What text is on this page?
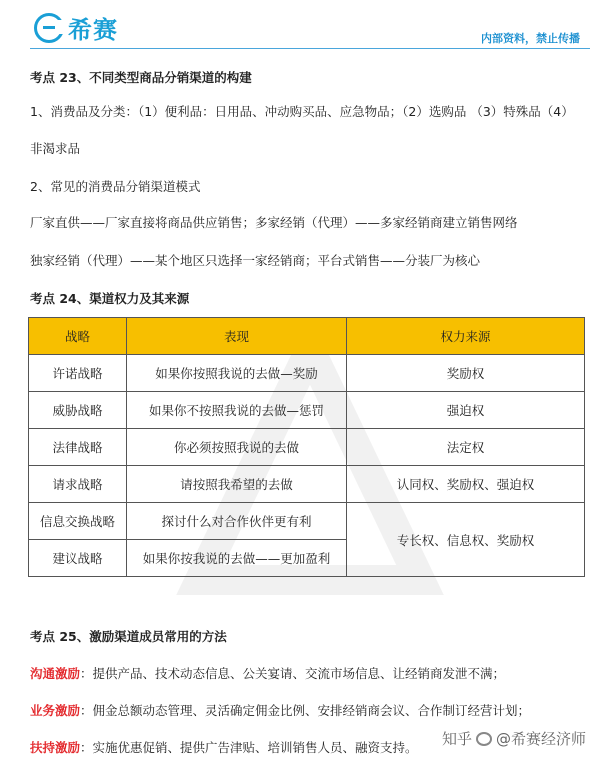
希赛	内部资料，禁止传播
考点 23、不同类型商品分销渠道的构建
1、消费品及分类：（1）便利品：日用品、冲动购买品、应急物品；（2）选购品 （3）特殊品（4）
非渴求品
2、常见的消费品分销渠道模式
厂家直供——厂家直接将商品供应销售；多家经销（代理）——多家经销商建立销售网络
独家经销（代理）——某个地区只选择一家经销商；平台式销售——分装厂为核心
考点 24、渠道权力及其来源
战略	表现	权力来源
许诺战略	如果你按照我说的去做—奖励	奖励权
威胁战略	如果你不按照我说的去做—惩罚	强迫权
法律战略	你必须按照我说的去做	法定权
请求战略	请按照我希望的去做	认同权、奖励权、强迫权
信息交换战略	探讨什么对合作伙伴更有利	专长权、信息权、奖励权
建议战略	如果你按我说的去做——更加盈利	
考点 25、激励渠道成员常用的方法
沟通激励：提供产品、技术动态信息、公关宴请、交流市场信息、让经销商发泄不满；
业务激励：佣金总额动态管理、灵活确定佣金比例、安排经销商会议、合作制订经营计划；
扶持激励：实施优惠促销、提供广告津贴、培训销售人员、融资支持。 知乎 @希赛经济师
